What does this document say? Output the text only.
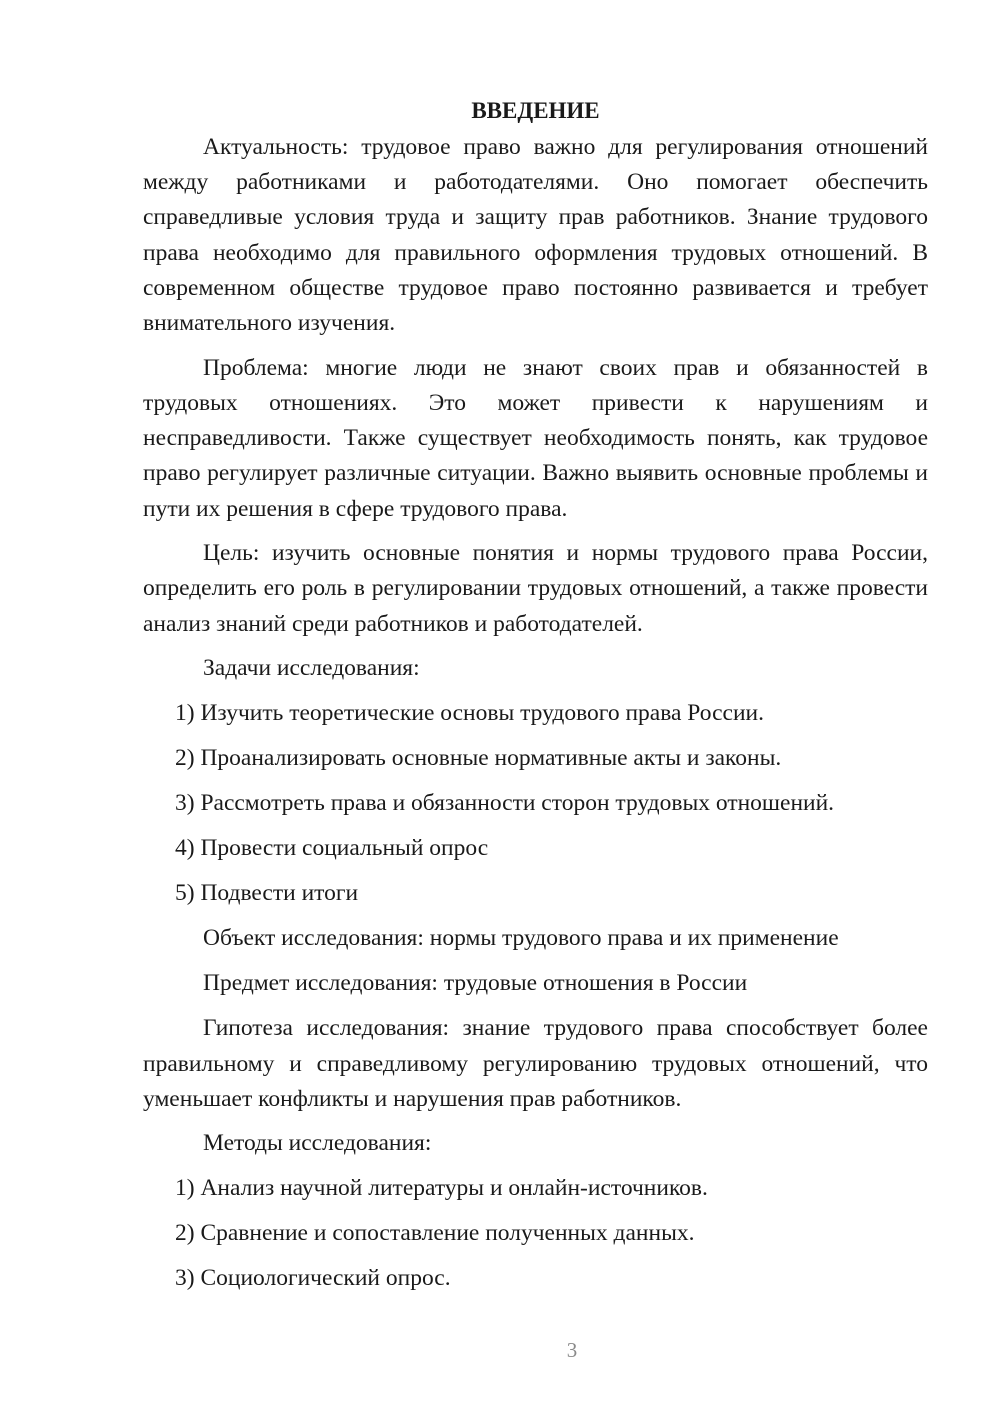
ВВЕДЕНИЕ
Актуальность: трудовое право важно для регулирования отношений между работниками и работодателями. Оно помогает обеспечить справедливые условия труда и защиту прав работников. Знание трудового права необходимо для правильного оформления трудовых отношений. В современном обществе трудовое право постоянно развивается и требует внимательного изучения.
Проблема: многие люди не знают своих прав и обязанностей в трудовых отношениях. Это может привести к нарушениям и несправедливости. Также существует необходимость понять, как трудовое право регулирует различные ситуации. Важно выявить основные проблемы и пути их решения в сфере трудового права.
Цель: изучить основные понятия и нормы трудового права России, определить его роль в регулировании трудовых отношений, а также провести анализ знаний среди работников и работодателей.
Задачи исследования:
1) Изучить теоретические основы трудового права России.
2) Проанализировать основные нормативные акты и законы.
3) Рассмотреть права и обязанности сторон трудовых отношений.
4) Провести социальный опрос
5) Подвести итоги
Объект исследования: нормы трудового права и их применение
Предмет исследования: трудовые отношения в России
Гипотеза исследования: знание трудового права способствует более правильному и справедливому регулированию трудовых отношений, что уменьшает конфликты и нарушения прав работников.
Методы исследования:
1) Анализ научной литературы и онлайн-источников.
2) Сравнение и сопоставление полученных данных.
3) Социологический опрос.
3
